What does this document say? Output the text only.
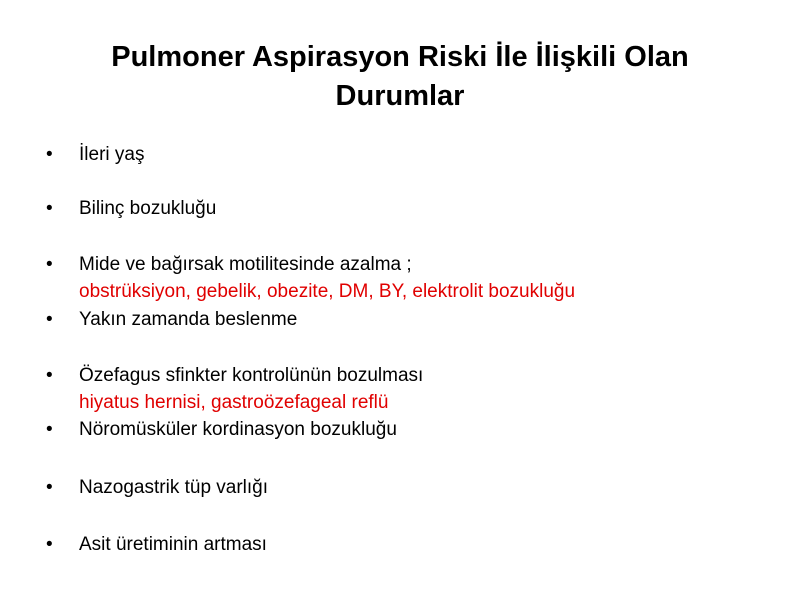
Pulmoner Aspirasyon Riski İle İlişkili Olan
Durumlar
• İleri yaş
• Bilinç bozukluğu
• Mide ve bağırsak motilitesinde azalma ;
obstrüksiyon, gebelik, obezite, DM, BY, elektrolit bozukluğu
• Yakın zamanda beslenme
• Özefagus sfinkter kontrolünün bozulması
hiyatus hernisi, gastroözefageal reflü
• Nöromüsküler kordinasyon bozukluğu
• Nazogastrik tüp varlığı
• Asit üretiminin artması
